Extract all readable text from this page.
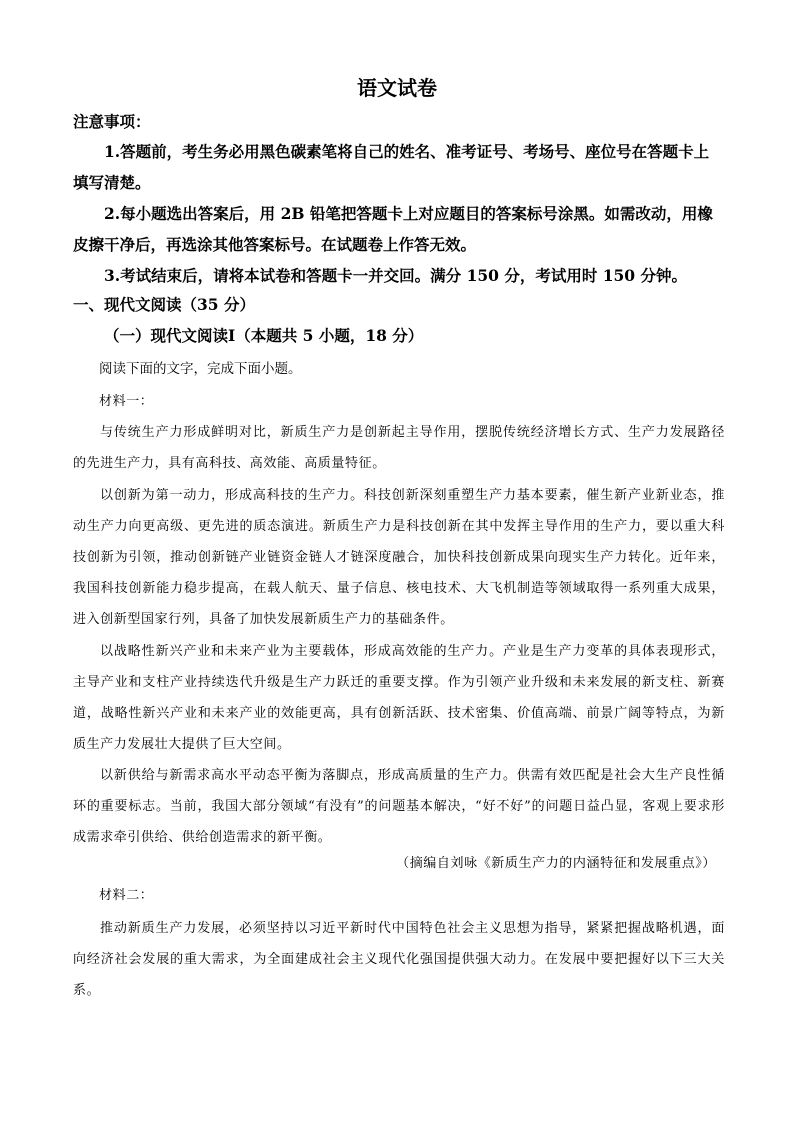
语文试卷
注意事项：
1.答题前，考生务必用黑色碳素笔将自己的姓名、准考证号、考场号、座位号在答题卡上填写清楚。
2.每小题选出答案后，用 2B 铅笔把答题卡上对应题目的答案标号涂黑。如需改动，用橡皮擦干净后，再选涂其他答案标号。在试题卷上作答无效。
3.考试结束后，请将本试卷和答题卡一并交回。满分 150 分，考试用时 150 分钟。
一、现代文阅读（35 分）
（一）现代文阅读Ⅰ（本题共 5 小题，18 分）
阅读下面的文字，完成下面小题。
材料一：
与传统生产力形成鲜明对比，新质生产力是创新起主导作用，摆脱传统经济增长方式、生产力发展路径的先进生产力，具有高科技、高效能、高质量特征。
以创新为第一动力，形成高科技的生产力。科技创新深刻重塑生产力基本要素，催生新产业新业态，推动生产力向更高级、更先进的质态演进。新质生产力是科技创新在其中发挥主导作用的生产力，要以重大科技创新为引领，推动创新链产业链资金链人才链深度融合，加快科技创新成果向现实生产力转化。近年来，我国科技创新能力稳步提高，在载人航天、量子信息、核电技术、大飞机制造等领域取得一系列重大成果，进入创新型国家行列，具备了加快发展新质生产力的基础条件。
以战略性新兴产业和未来产业为主要载体，形成高效能的生产力。产业是生产力变革的具体表现形式，主导产业和支柱产业持续迭代升级是生产力跃迁的重要支撑。作为引领产业升级和未来发展的新支柱、新赛道，战略性新兴产业和未来产业的效能更高，具有创新活跃、技术密集、价值高端、前景广阔等特点，为新质生产力发展壮大提供了巨大空间。
以新供给与新需求高水平动态平衡为落脚点，形成高质量的生产力。供需有效匹配是社会大生产良性循环的重要标志。当前，我国大部分领域“有没有”的问题基本解决，“好不好”的问题日益凸显，客观上要求形成需求牵引供给、供给创造需求的新平衡。
（摘编自刘咏《新质生产力的内涵特征和发展重点》）
材料二：
推动新质生产力发展，必须坚持以习近平新时代中国特色社会主义思想为指导，紧紧把握战略机遇，面向经济社会发展的重大需求，为全面建成社会主义现代化强国提供强大动力。在发展中要把握好以下三大关系。
